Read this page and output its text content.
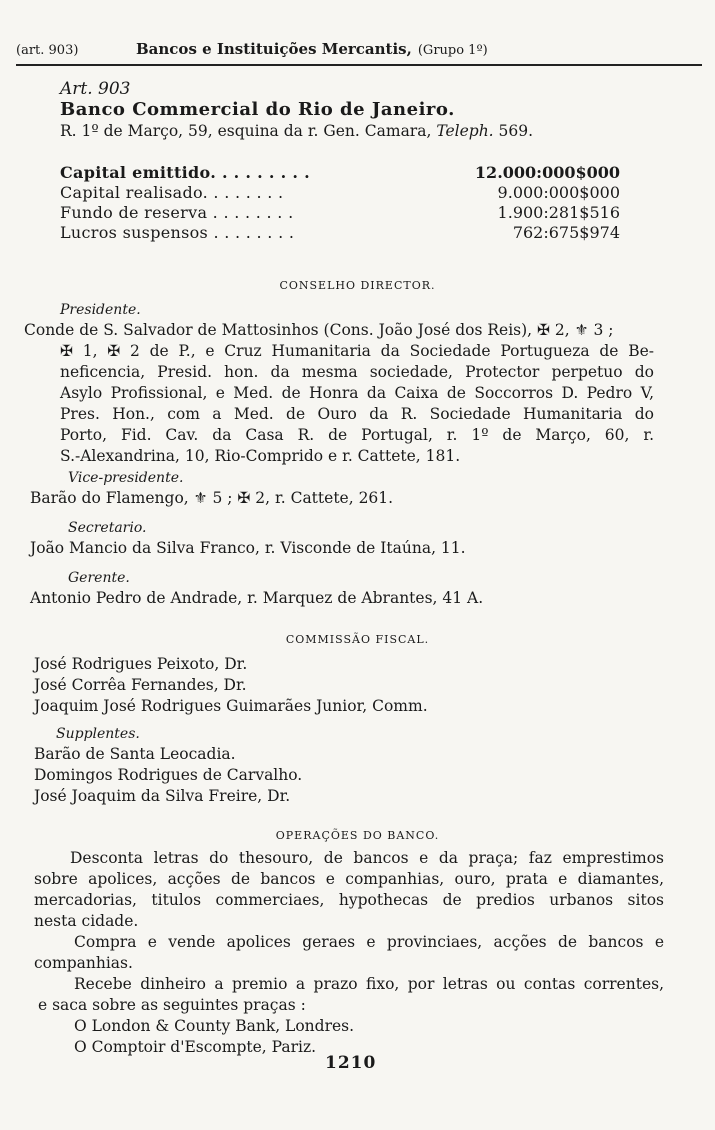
(art. 903)	Bancos e Instituições Mercantis, (Grupo 1º)
Art. 903
Banco Commercial do Rio de Janeiro.
R. 1º de Março, 59, esquina da r. Gen. Camara, Teleph. 569.
Capital emittido. . . . . . . . .	12.000:000$000
Capital realisado. . . . . . . .	9.000:000$000
Fundo de reserva . . . . . . . .	1.900:281$516
Lucros suspensos . . . . . . . .	762:675$974
CONSELHO DIRECTOR.
Presidente.
Conde de S. Salvador de Mattosinhos (Cons. João José dos Reis), ✠ 2, ⚜ 3 ;
✠ 1, ✠ 2 de P., e Cruz Humanitaria da Sociedade Portugueza de Be-
neficencia, Presid. hon. da mesma sociedade, Protector perpetuo do
Asylo Profissional, e Med. de Honra da Caixa de Soccorros D. Pedro V,
Pres. Hon., com a Med. de Ouro da R. Sociedade Humanitaria do
Porto, Fid. Cav. da Casa R. de Portugal, r. 1º de Março, 60, r.
S.-Alexandrina, 10, Rio-Comprido e r. Cattete, 181.
Vice-presidente.
Barão do Flamengo, ⚜ 5 ; ✠ 2, r. Cattete, 261.
Secretario.
João Mancio da Silva Franco, r. Visconde de Itaúna, 11.
Gerente.
Antonio Pedro de Andrade, r. Marquez de Abrantes, 41 A.
COMMISSÃO FISCAL.
José Rodrigues Peixoto, Dr.
José Corrêa Fernandes, Dr.
Joaquim José Rodrigues Guimarães Junior, Comm.
Supplentes.
Barão de Santa Leocadia.
Domingos Rodrigues de Carvalho.
José Joaquim da Silva Freire, Dr.
OPERAÇÕES DO BANCO.
Desconta letras do thesouro, de bancos e da praça; faz emprestimos
sobre apolices, acções de bancos e companhias, ouro, prata e diamantes,
mercadorias, titulos commerciaes, hypothecas de predios urbanos sitos
nesta cidade.
Compra e vende apolices geraes e provinciaes, acções de bancos e
companhias.
Recebe dinheiro a premio a prazo fixo, por letras ou contas correntes,
e saca sobre as seguintes praças :
O London & County Bank, Londres.
O Comptoir d'Escompte, Pariz.
1210
